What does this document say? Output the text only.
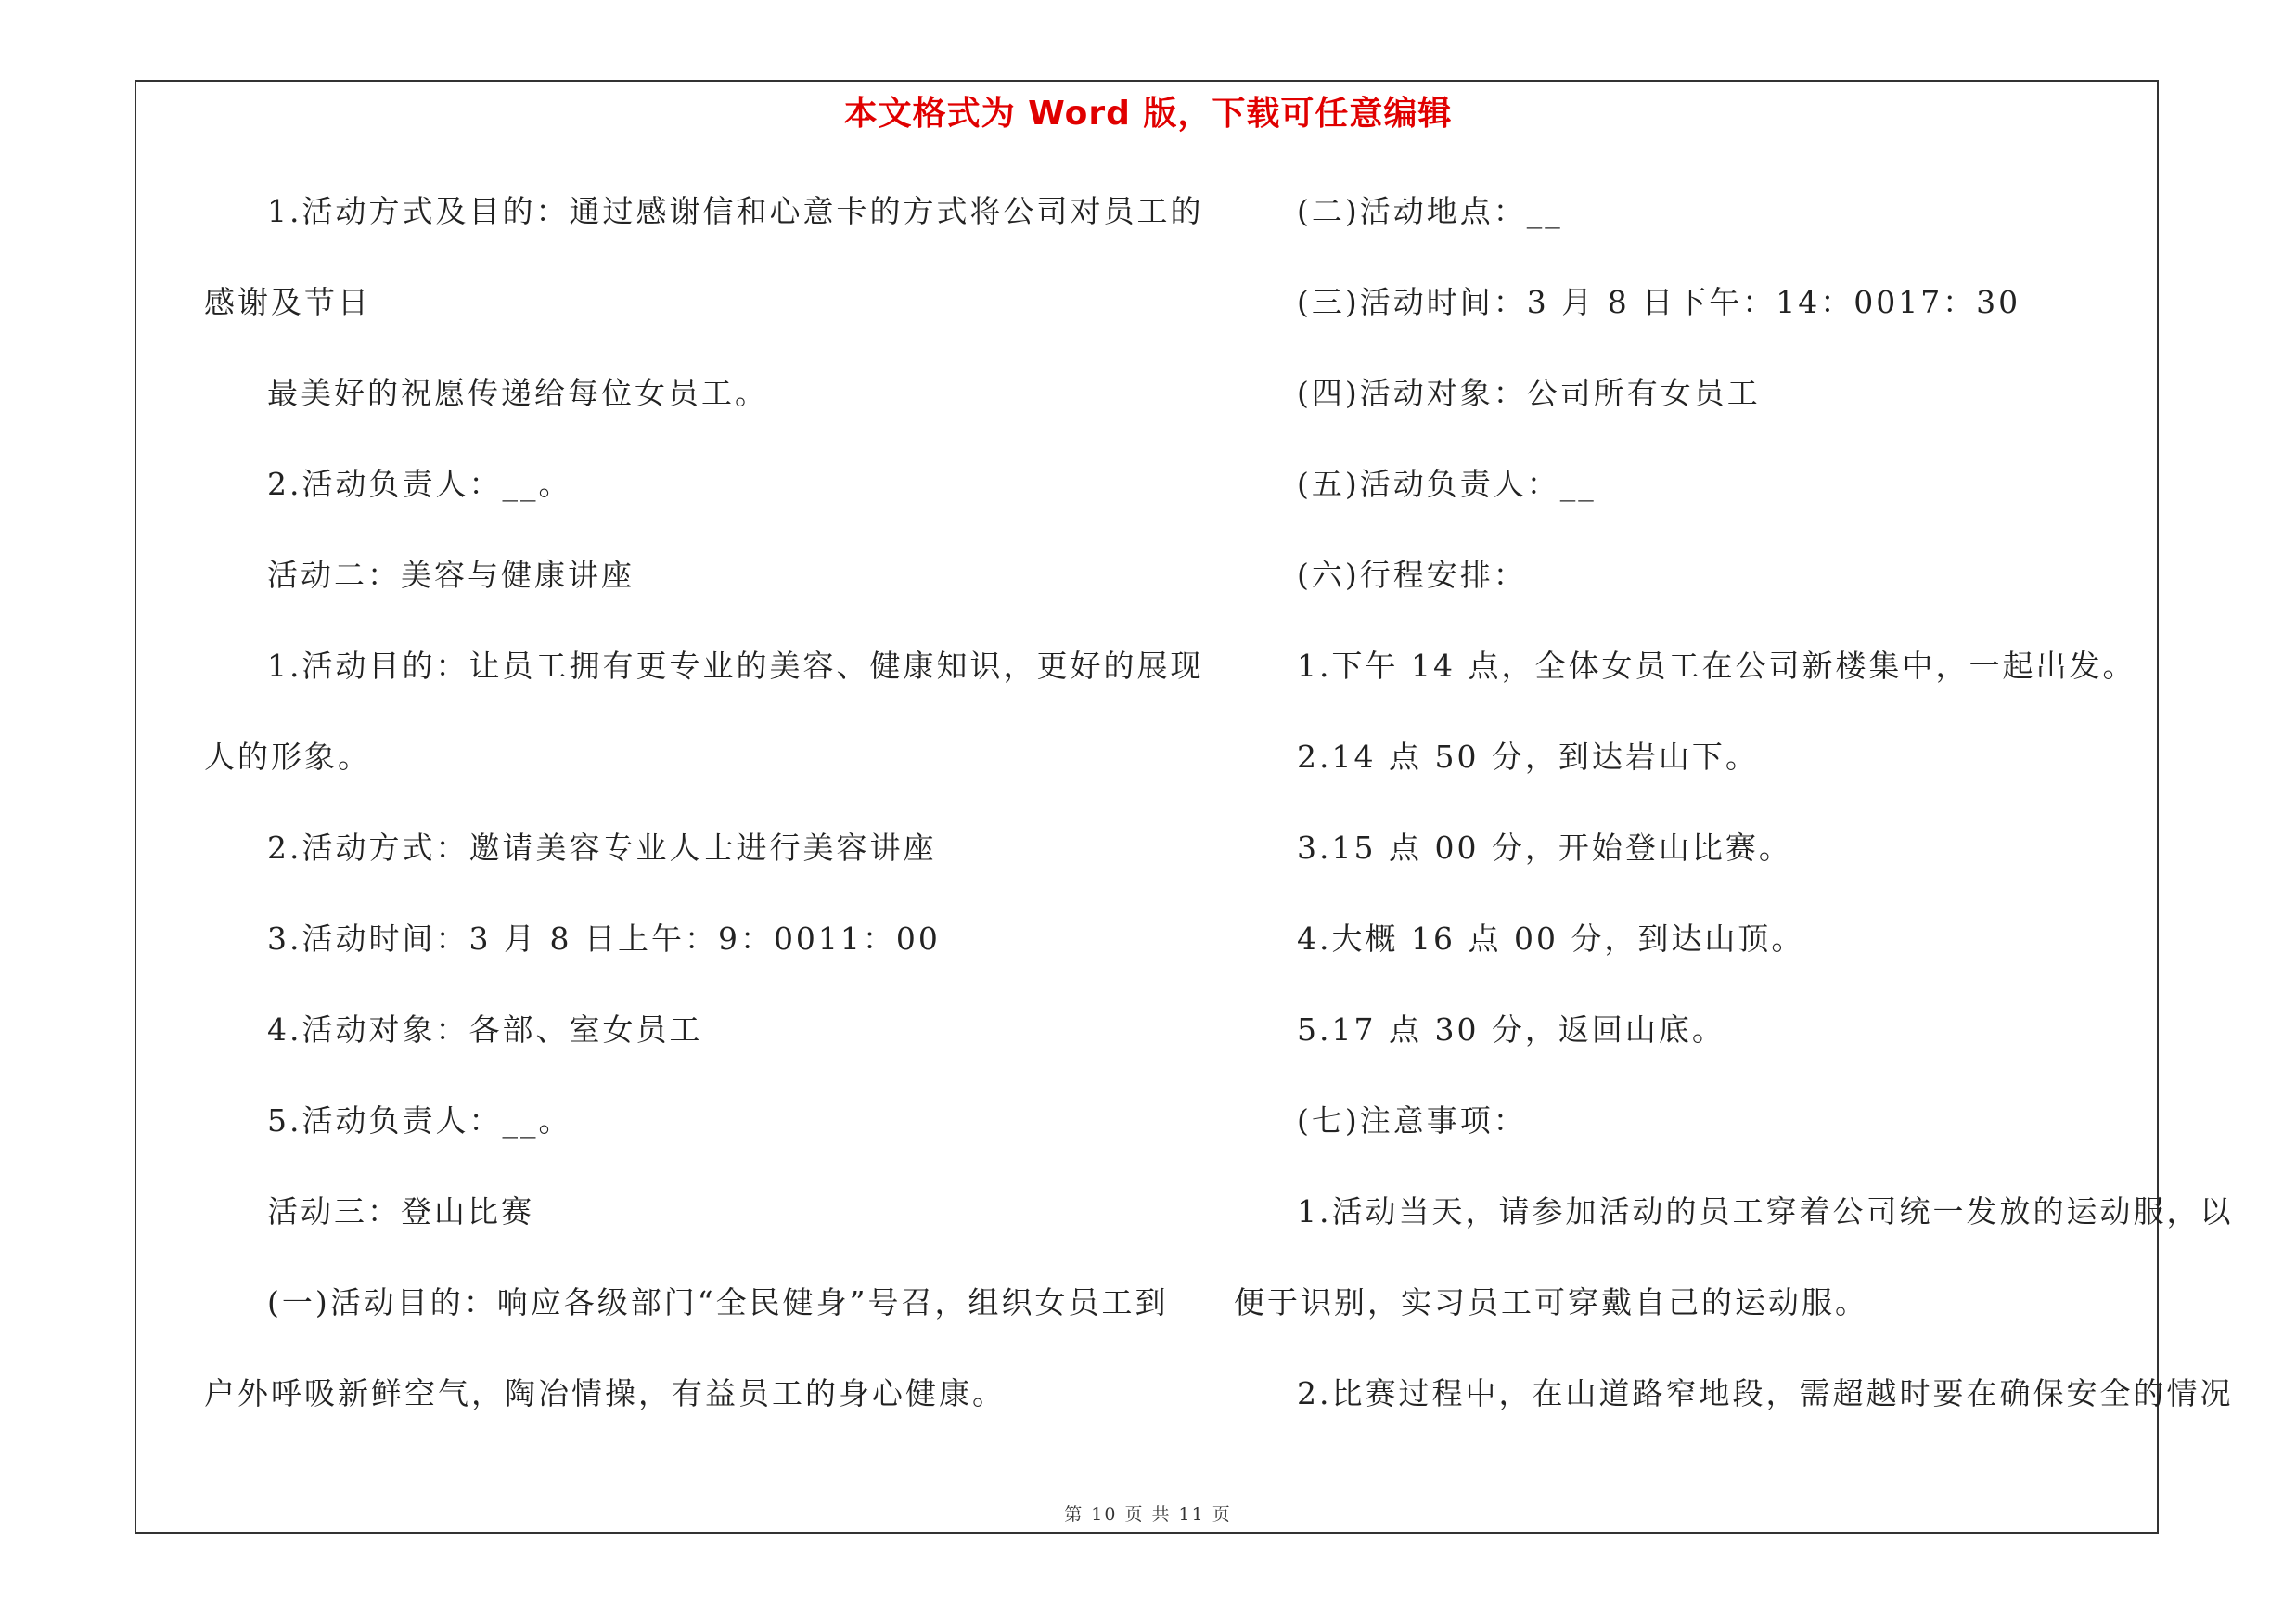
本文格式为 Word 版，下载可任意编辑
1.活动方式及目的：通过感谢信和心意卡的方式将公司对员工的
感谢及节日
最美好的祝愿传递给每位女员工。
2.活动负责人：__。
活动二：美容与健康讲座
1.活动目的：让员工拥有更专业的美容、健康知识，更好的展现
人的形象。
2.活动方式：邀请美容专业人士进行美容讲座
3.活动时间：3 月 8 日上午：9：0011：00
4.活动对象：各部、室女员工
5.活动负责人：__。
活动三：登山比赛
(一)活动目的：响应各级部门“全民健身”号召，组织女员工到
户外呼吸新鲜空气，陶冶情操，有益员工的身心健康。
(二)活动地点：__
(三)活动时间：3 月 8 日下午：14：0017：30
(四)活动对象：公司所有女员工
(五)活动负责人：__
(六)行程安排：
1.下午 14 点，全体女员工在公司新楼集中，一起出发。
2.14 点 50 分，到达岩山下。
3.15 点 00 分，开始登山比赛。
4.大概 16 点 00 分，到达山顶。
5.17 点 30 分，返回山底。
(七)注意事项：
1.活动当天，请参加活动的员工穿着公司统一发放的运动服，以
便于识别，实习员工可穿戴自己的运动服。
2.比赛过程中，在山道路窄地段，需超越时要在确保安全的情况
第 10 页 共 11 页
